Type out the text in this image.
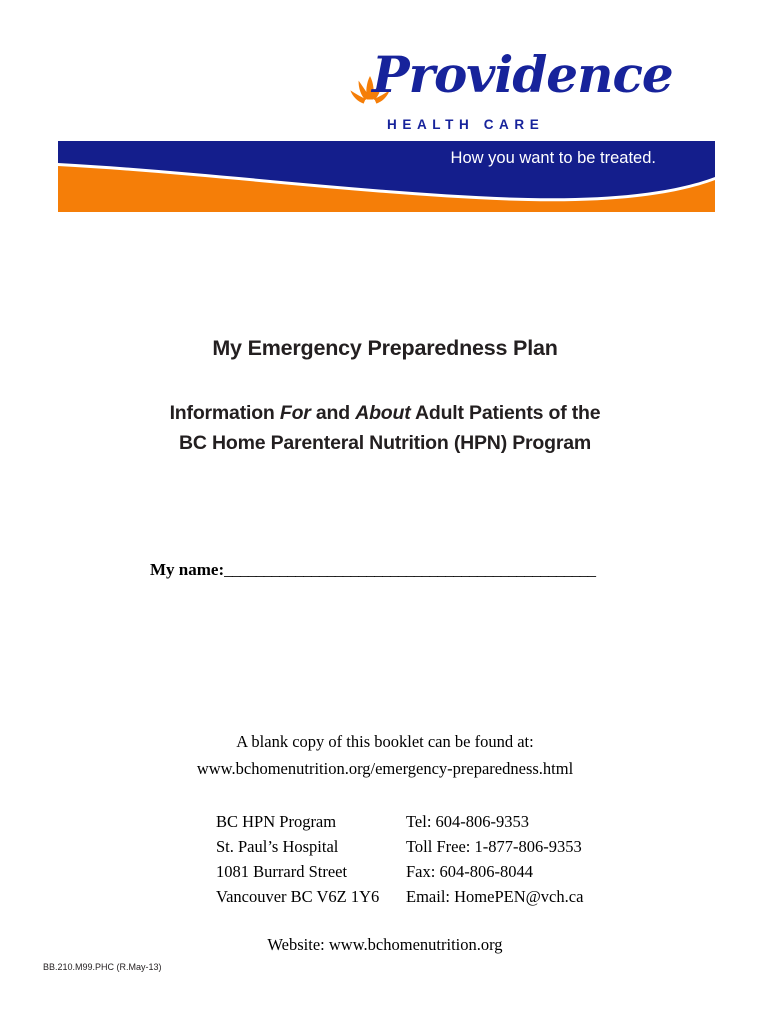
Providence
HEALTH CARE
How you want to be treated.
My Emergency Preparedness Plan
Information For and About Adult Patients of the
BC Home Parenteral Nutrition (HPN) Program
My name:_______________________________________________
A blank copy of this booklet can be found at:
www.bchomenutrition.org/emergency-preparedness.html
BC HPN Program	Tel: 604-806-9353
St. Paul’s Hospital	Toll Free: 1-877-806-9353
1081 Burrard Street	Fax: 604-806-8044
Vancouver BC V6Z 1Y6	Email: HomePEN@vch.ca
Website: www.bchomenutrition.org
BB.210.M99.PHC (R.May-13)
